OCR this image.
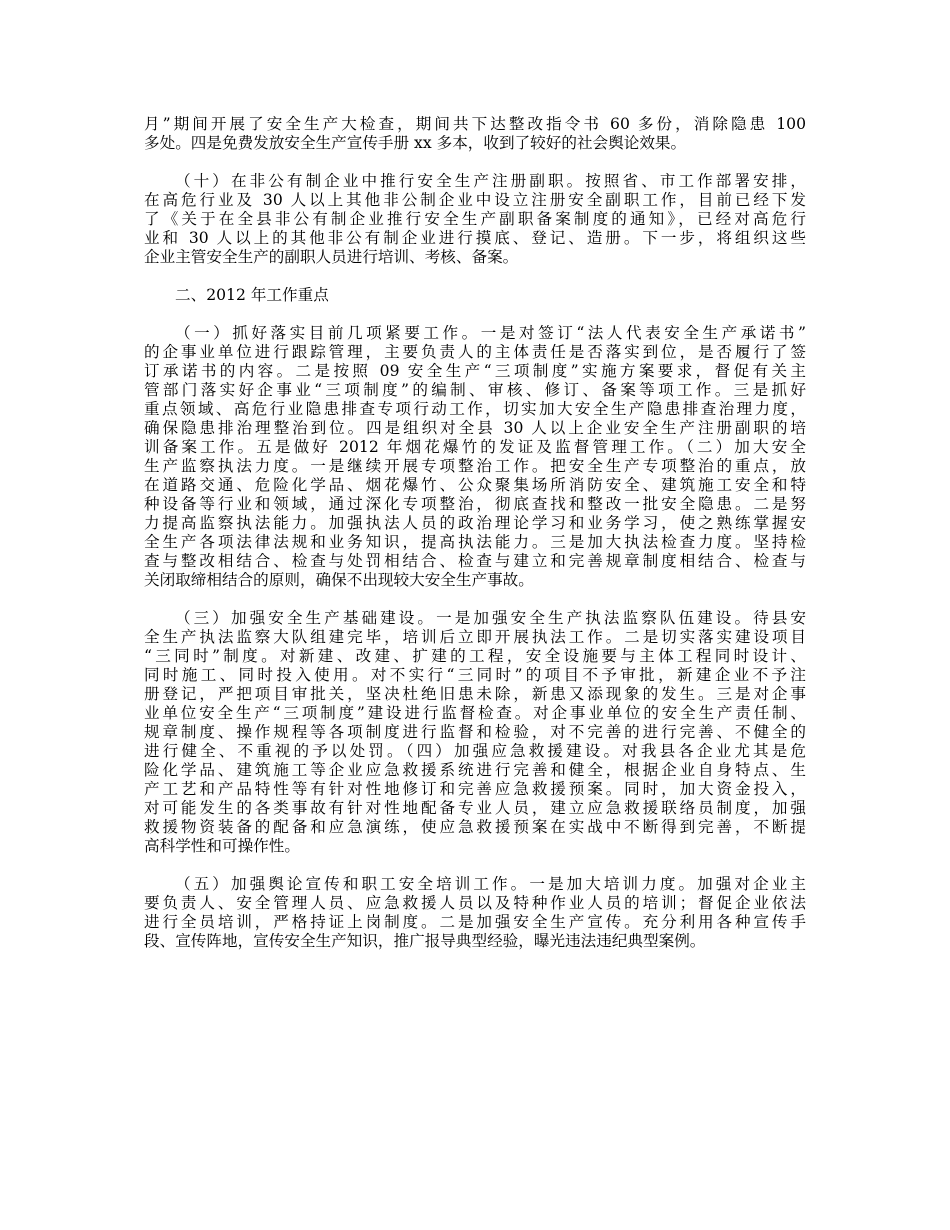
月”期间开展了安全生产大检查，期间共下达整改指令书 60 多份，消除隐患 100
多处。四是免费发放安全生产宣传手册 xx 多本，收到了较好的社会舆论效果。
（十）在非公有制企业中推行安全生产注册副职。按照省、市工作部署安排，
在高危行业及 30 人以上其他非公制企业中设立注册安全副职工作，目前已经下发
了《关于在全县非公有制企业推行安全生产副职备案制度的通知》，已经对高危行
业和 30 人以上的其他非公有制企业进行摸底、登记、造册。下一步，将组织这些
企业主管安全生产的副职人员进行培训、考核、备案。
二、2012 年工作重点
（一）抓好落实目前几项紧要工作。一是对签订“法人代表安全生产承诺书”
的企事业单位进行跟踪管理，主要负责人的主体责任是否落实到位，是否履行了签
订承诺书的内容。二是按照 09 安全生产“三项制度”实施方案要求，督促有关主
管部门落实好企事业“三项制度”的编制、审核、修订、备案等项工作。三是抓好
重点领域、高危行业隐患排查专项行动工作，切实加大安全生产隐患排查治理力度，
确保隐患排治理整治到位。四是组织对全县 30 人以上企业安全生产注册副职的培
训备案工作。五是做好 2012 年烟花爆竹的发证及监督管理工作。（二）加大安全
生产监察执法力度。一是继续开展专项整治工作。把安全生产专项整治的重点，放
在道路交通、危险化学品、烟花爆竹、公众聚集场所消防安全、建筑施工安全和特
种设备等行业和领域，通过深化专项整治，彻底查找和整改一批安全隐患。二是努
力提高监察执法能力。加强执法人员的政治理论学习和业务学习，使之熟练掌握安
全生产各项法律法规和业务知识，提高执法能力。三是加大执法检查力度。坚持检
查与整改相结合、检查与处罚相结合、检查与建立和完善规章制度相结合、检查与
关闭取缔相结合的原则，确保不出现较大安全生产事故。
（三）加强安全生产基础建设。一是加强安全生产执法监察队伍建设。待县安
全生产执法监察大队组建完毕，培训后立即开展执法工作。二是切实落实建设项目
“三同时”制度。对新建、改建、扩建的工程，安全设施要与主体工程同时设计、
同时施工、同时投入使用。对不实行“三同时”的项目不予审批，新建企业不予注
册登记，严把项目审批关，坚决杜绝旧患未除，新患又添现象的发生。三是对企事
业单位安全生产“三项制度”建设进行监督检查。对企事业单位的安全生产责任制、
规章制度、操作规程等各项制度进行监督和检验，对不完善的进行完善、不健全的
进行健全、不重视的予以处罚。（四）加强应急救援建设。对我县各企业尤其是危
险化学品、建筑施工等企业应急救援系统进行完善和健全，根据企业自身特点、生
产工艺和产品特性等有针对性地修订和完善应急救援预案。同时，加大资金投入，
对可能发生的各类事故有针对性地配备专业人员，建立应急救援联络员制度，加强
救援物资装备的配备和应急演练，使应急救援预案在实战中不断得到完善，不断提
高科学性和可操作性。
（五）加强舆论宣传和职工安全培训工作。一是加大培训力度。加强对企业主
要负责人、安全管理人员、应急救援人员以及特种作业人员的培训；督促企业依法
进行全员培训，严格持证上岗制度。二是加强安全生产宣传。充分利用各种宣传手
段、宣传阵地，宣传安全生产知识，推广报导典型经验，曝光违法违纪典型案例。
